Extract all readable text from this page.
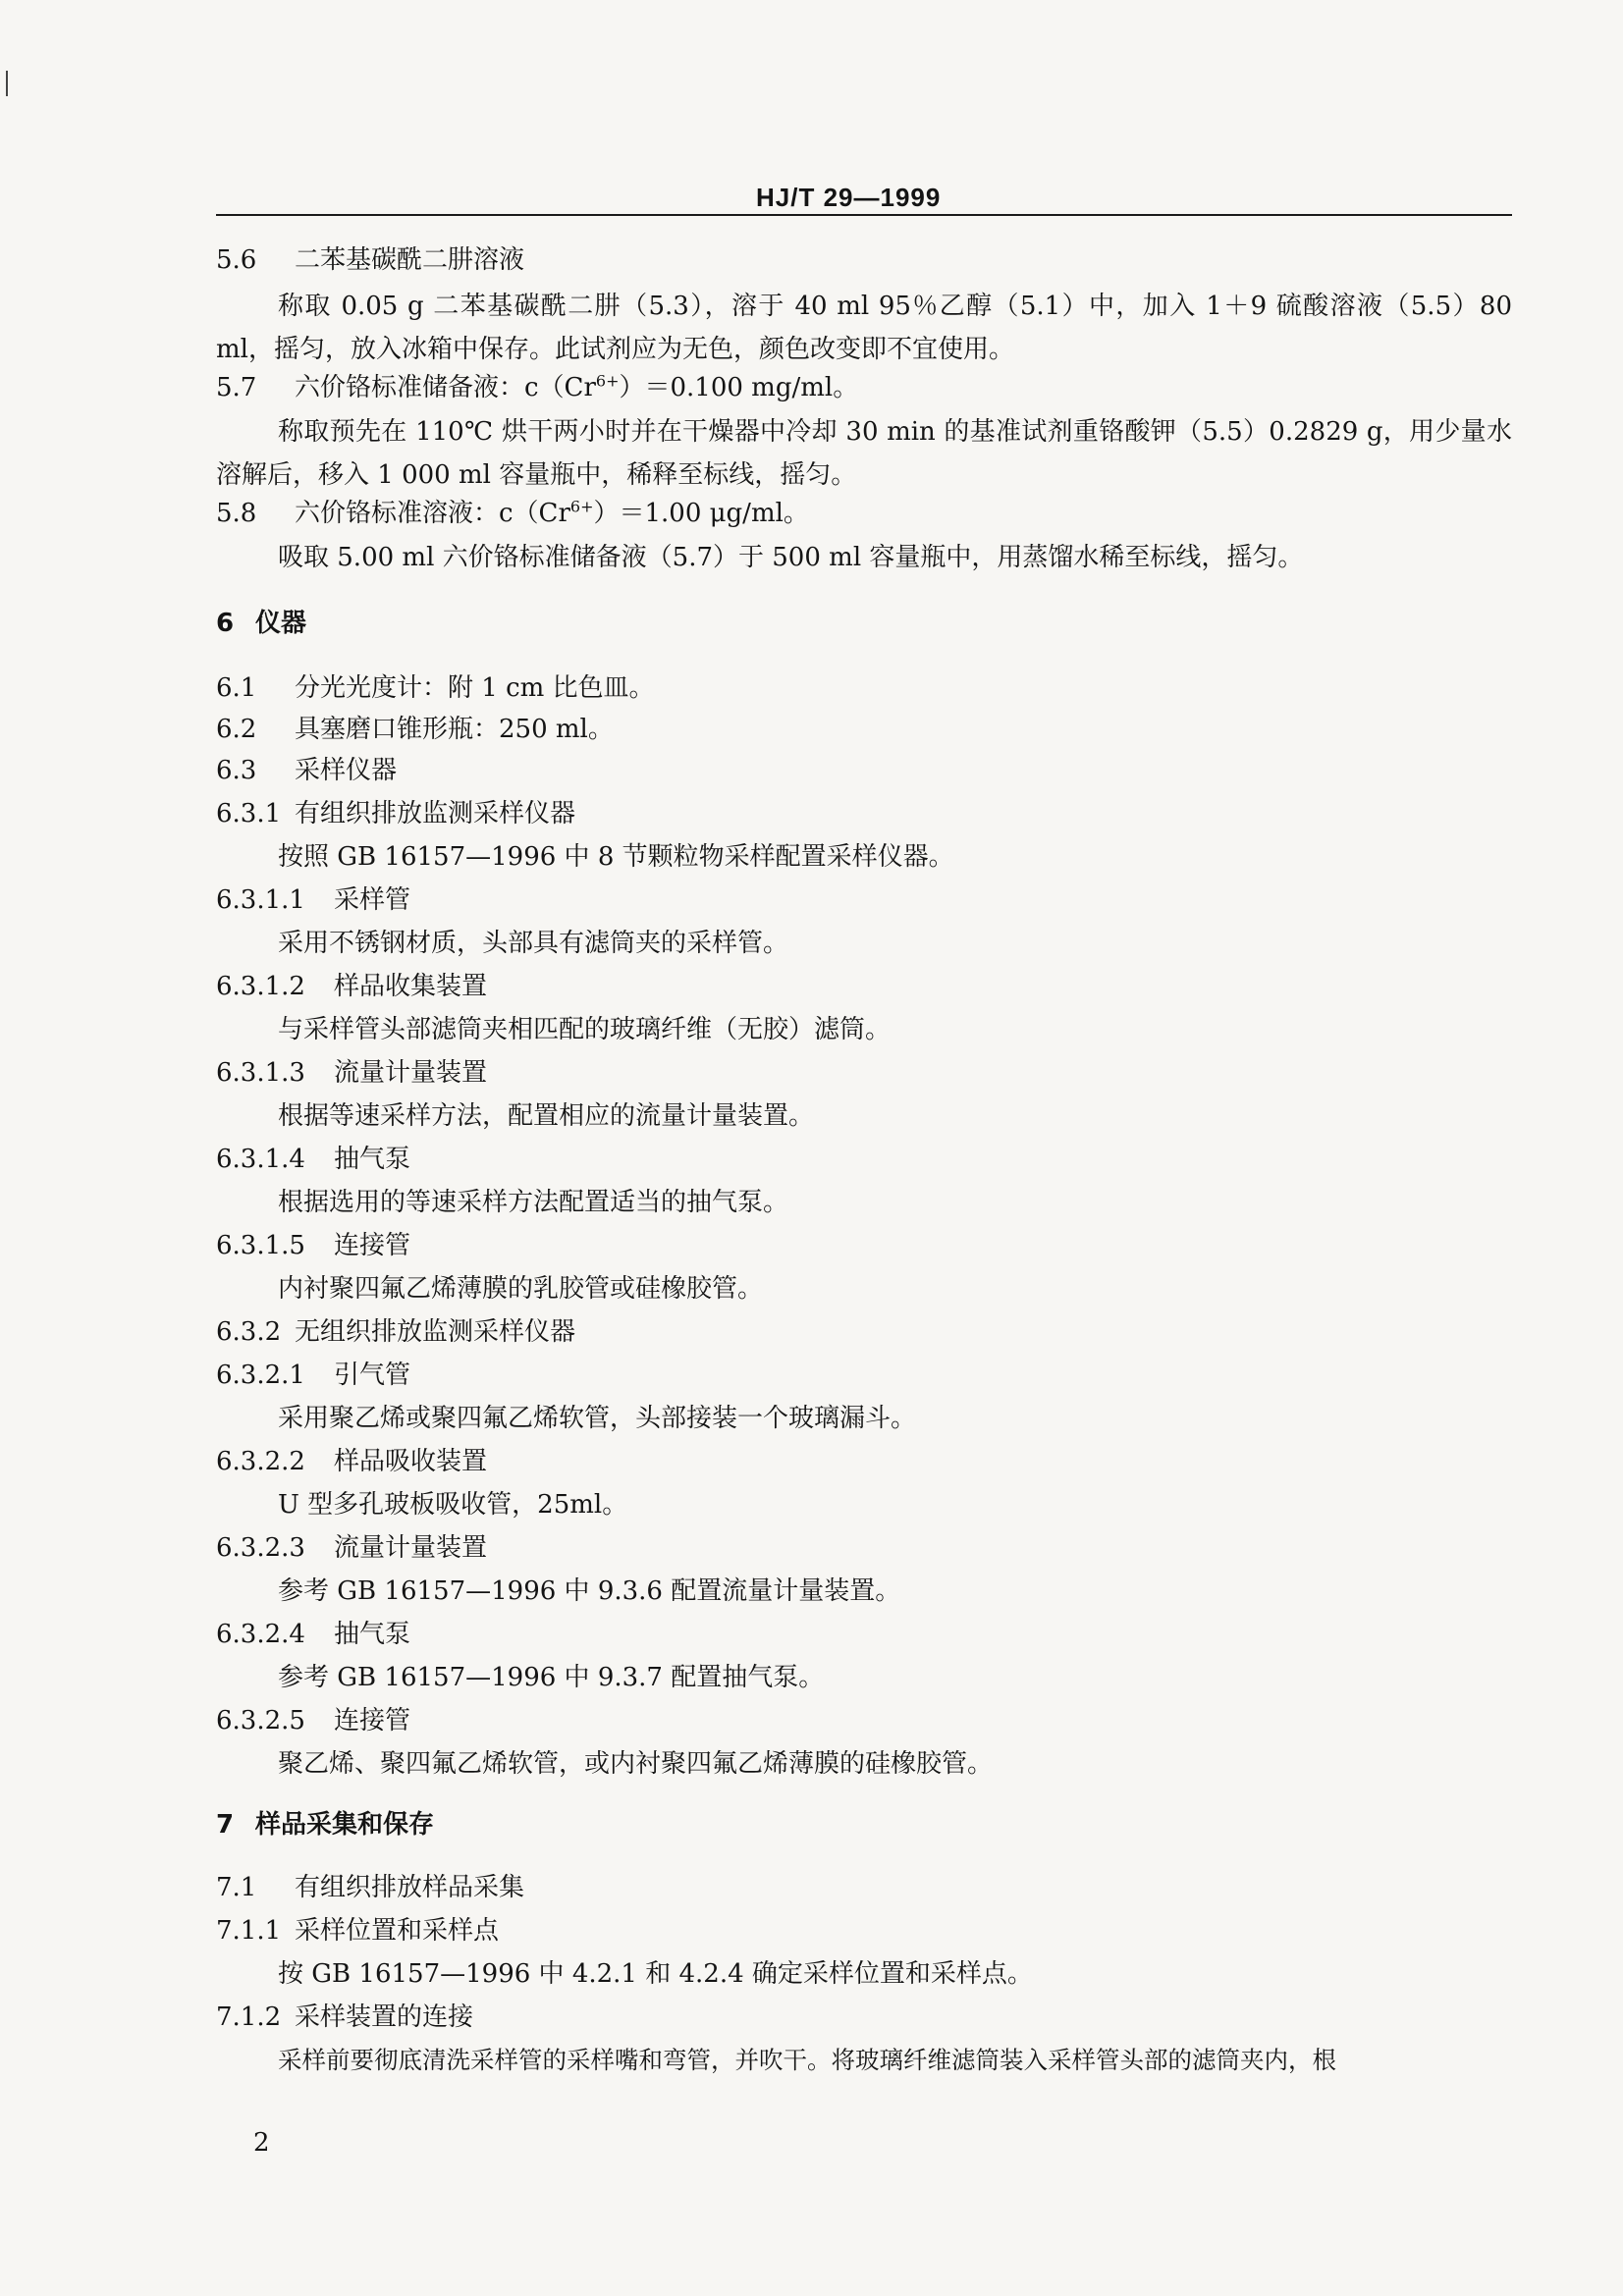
HJ/T 29—1999
5.6 二苯基碳酰二肼溶液
称取 0.05 g 二苯基碳酰二肼（5.3），溶于 40 ml 95％乙醇（5.1）中，加入 1＋9 硫酸溶液（5.5）80 ml，摇匀，放入冰箱中保存。此试剂应为无色，颜色改变即不宜使用。
5.7 六价铬标准储备液：$c(Cr^{6+})=0.100$ mg/ml。
称取预先在 110℃ 烘干两小时并在干燥器中冷却 30 min 的基准试剂重铬酸钾（5.5）0.2829 g，用少量水溶解后，移入 1 000 ml 容量瓶中，稀释至标线，摇匀。
5.8 六价铬标准溶液：$c(Cr^{6+})=1.00$ μg/ml。
吸取 5.00 ml 六价铬标准储备液（5.7）于 500 ml 容量瓶中，用蒸馏水稀至标线，摇匀。
6 仪器
6.1 分光光度计：附 1 cm 比色皿。
6.2 具塞磨口锥形瓶：250 ml。
6.3 采样仪器
6.3.1 有组织排放监测采样仪器
按照 GB 16157—1996 中 8 节颗粒物采样配置采样仪器。
6.3.1.1 采样管
采用不锈钢材质，头部具有滤筒夹的采样管。
6.3.1.2 样品收集装置
与采样管头部滤筒夹相匹配的玻璃纤维（无胶）滤筒。
6.3.1.3 流量计量装置
根据等速采样方法，配置相应的流量计量装置。
6.3.1.4 抽气泵
根据选用的等速采样方法配置适当的抽气泵。
6.3.1.5 连接管
内衬聚四氟乙烯薄膜的乳胶管或硅橡胶管。
6.3.2 无组织排放监测采样仪器
6.3.2.1 引气管
采用聚乙烯或聚四氟乙烯软管，头部接装一个玻璃漏斗。
6.3.2.2 样品吸收装置
U 型多孔玻板吸收管，25ml。
6.3.2.3 流量计量装置
参考 GB 16157—1996 中 9.3.6 配置流量计量装置。
6.3.2.4 抽气泵
参考 GB 16157—1996 中 9.3.7 配置抽气泵。
6.3.2.5 连接管
聚乙烯、聚四氟乙烯软管，或内衬聚四氟乙烯薄膜的硅橡胶管。
7 样品采集和保存
7.1 有组织排放样品采集
7.1.1 采样位置和采样点
按 GB 16157—1996 中 4.2.1 和 4.2.4 确定采样位置和采样点。
7.1.2 采样装置的连接
采样前要彻底清洗采样管的采样嘴和弯管，并吹干。将玻璃纤维滤筒装入采样管头部的滤筒夹内，根
2
